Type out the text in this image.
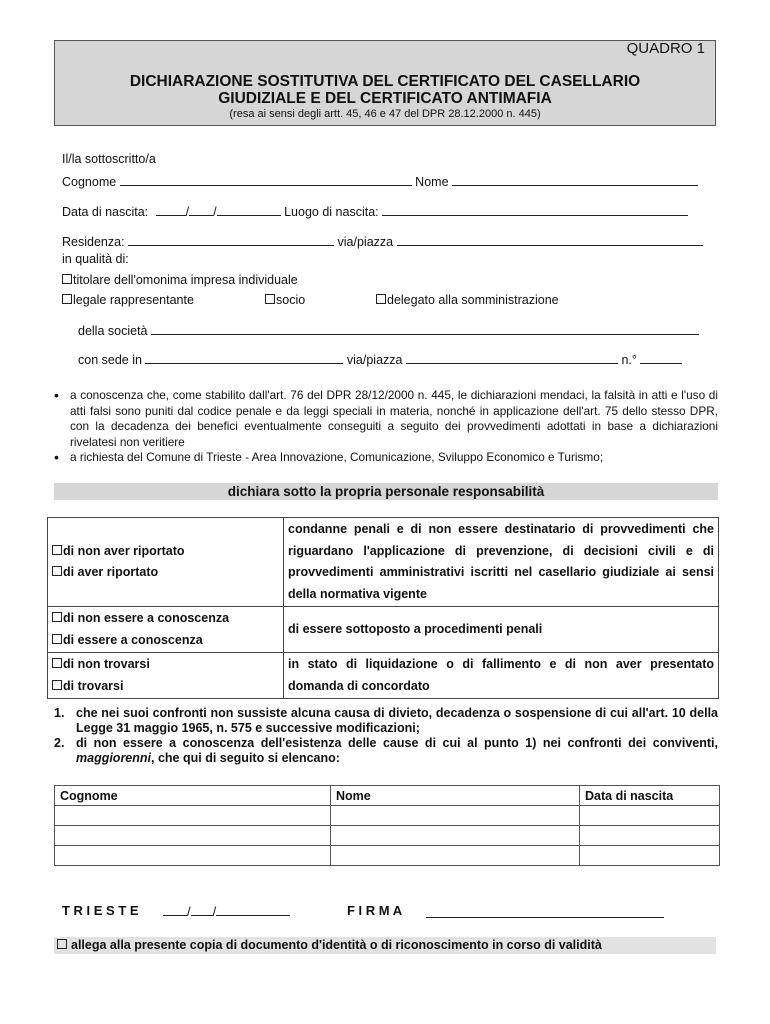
QUADRO 1
DICHIARAZIONE SOSTITUTIVA DEL CERTIFICATO DEL CASELLARIO
GIUDIZIALE E DEL CERTIFICATO ANTIMAFIA
(resa ai sensi degli artt. 45, 46 e 47 del DPR 28.12.2000 n. 445)
Il/la sottoscritto/a
Cognome	Nome
Data di nascita:	/ /	Luogo di nascita:
Residenza:	via/piazza
in qualità di:
titolare dell'omonima impresa individuale
legale rappresentante	socio	delegato alla somministrazione
della società
con sede in	via/piazza	n.°
• a conoscenza che, come stabilito dall'art. 76 del DPR 28/12/2000 n. 445, le dichiarazioni mendaci, la falsità in atti e l'uso di atti falsi sono puniti dal codice penale e da leggi speciali in materia, nonché in applicazione dell'art. 75 dello stesso DPR, con la decadenza dei benefici eventualmente conseguiti a seguito dei provvedimenti adottati in base a dichiarazioni rivelatesi non veritiere
• a richiesta del Comune di Trieste - Area Innovazione, Comunicazione, Sviluppo Economico e Turismo;
dichiara sotto la propria personale responsabilità
di non aver riportato
di aver riportato	condanne penali e di non essere destinatario di provvedimenti che riguardano l'applicazione di prevenzione, di decisioni civili e di provvedimenti amministrativi iscritti nel casellario giudiziale ai sensi della normativa vigente

di non essere a conoscenza
di essere a conoscenza	di essere sottoposto a procedimenti penali

di non trovarsi
di trovarsi	in stato di liquidazione o di fallimento e di non aver presentato domanda di concordato
1. che nei suoi confronti non sussiste alcuna causa di divieto, decadenza o sospensione di cui all'art. 10 della Legge 31 maggio 1965, n. 575 e successive modificazioni;
2. di non essere a conoscenza dell'esistenza delle cause di cui al punto 1) nei confronti dei conviventi, maggiorenni, che qui di seguito si elencano:
Cognome	Nome	Data di nascita

T R I E S T E	/ /	F I R M A
allega alla presente copia di documento d'identità o di riconoscimento in corso di validità
